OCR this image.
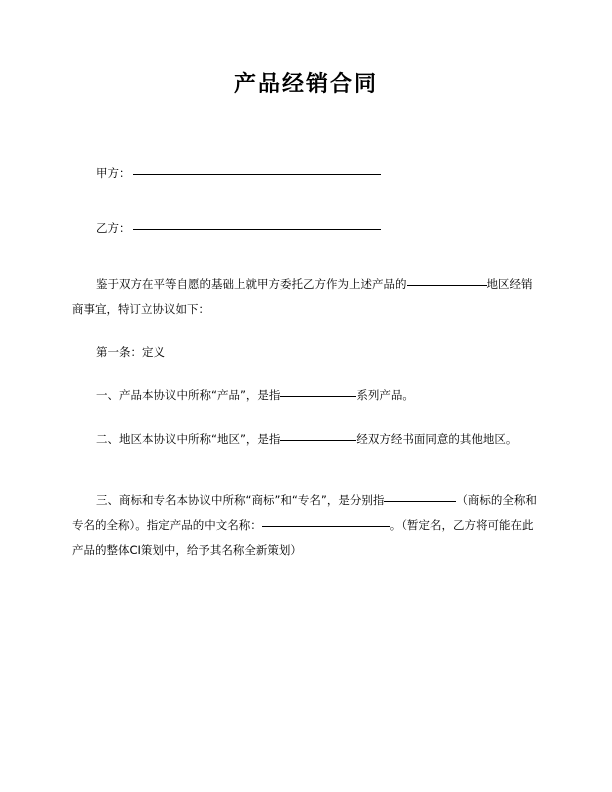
产品经销合同

甲方：

乙方：

鉴于双方在平等自愿的基础上就甲方委托乙方作为上述产品的	地区经销商事宜，特订立协议如下：

第一条：定义

一、产品本协议中所称“产品”，是指	系列产品。

二、地区本协议中所称“地区”，是指	经双方经书面同意的其他地区。

三、商标和专名本协议中所称“商标”和“专名”，是分别指	（商标的全称和专名的全称）。指定产品的中文名称：	。（暂定名，乙方将可能在此产品的整体CI策划中，给予其名称全新策划）
